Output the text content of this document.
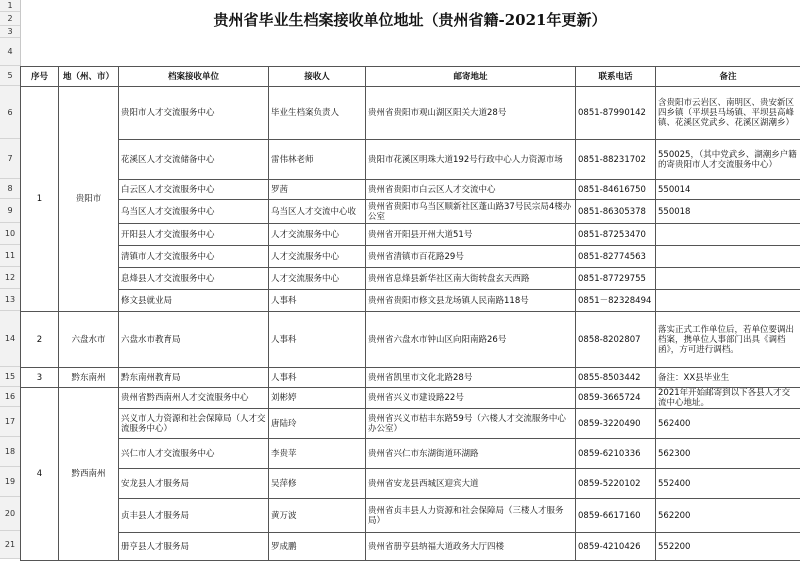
1
2
3
4
5
6
7
8
9
10
11
12
13
14
15
16
17
18
19
20
21
贵州省毕业生档案接收单位地址（贵州省籍-2021年更新）
序号	地（州、市）	档案接收单位	接收人	邮寄地址	联系电话	备注
1	贵阳市	贵阳市人才交流服务中心	毕业生档案负责人	贵州省贵阳市观山湖区阳关大道28号	0851-87990142	含贵阳市云岩区、南明区、贵安新区四乡镇（平坝县马场镇、平坝县高峰镇、花溪区党武乡、花溪区湖潮乡）
		花溪区人才交流储备中心	雷伟林老师	贵阳市花溪区明珠大道192号行政中心人力资源市场	0851-88231702	550025，（其中党武乡、湖潮乡户籍的寄贵阳市人才交流服务中心）
		白云区人才交流服务中心	罗茜	贵州省贵阳市白云区人才交流中心	0851-84616750	550014
		乌当区人才交流服务中心	乌当区人才交流中心收	贵州省贵阳市乌当区顺新社区蓬山路37号民宗局4楼办公室	0851-86305378	550018
		开阳县人才交流服务中心	人才交流服务中心	贵州省开阳县开州大道51号	0851-87253470	
		清镇市人才交流服务中心	人才交流服务中心	贵州省清镇市百花路29号	0851-82774563	
		息烽县人才交流服务中心	人才交流服务中心	贵州省息烽县新华社区南大街转盘玄天西路	0851-87729755	
		修文县就业局	人事科	贵州省贵阳市修文县龙场镇人民南路118号	0851－82328494	
2	六盘水市	六盘水市教育局	人事科	贵州省六盘水市钟山区向阳南路26号	0858-8202807	落实正式工作单位后，若单位要调出档案，携单位人事部门出具《调档函》，方可进行调档。
3	黔东南州	黔东南州教育局	人事科	贵州省凯里市文化北路28号	0855-8503442	备注：XX县毕业生
4	黔西南州	贵州省黔西南州人才交流服务中心	刘彬婷	贵州省兴义市建设路22号	0859-3665724	2021年开始邮寄到以下各县人才交流中心地址。
		兴义市人力资源和社会保障局（人才交流服务中心）	唐陆玲	贵州省兴义市桔丰东路59号（六楼人才交流服务中心办公室）	0859-3220490	562400
		兴仁市人才交流服务中心	李贵苹	贵州省兴仁市东湖街道环湖路	0859-6210336	562300
		安龙县人才服务局	吴萍修	贵州省安龙县西城区迎宾大道	0859-5220102	552400
		贞丰县人才服务局	黄万波	贵州省贞丰县人力资源和社会保障局（三楼人才服务局）	0859-6617160	562200
		册亨县人才服务局	罗成鹏	贵州省册亨县纳福大道政务大厅四楼	0859-4210426	552200
